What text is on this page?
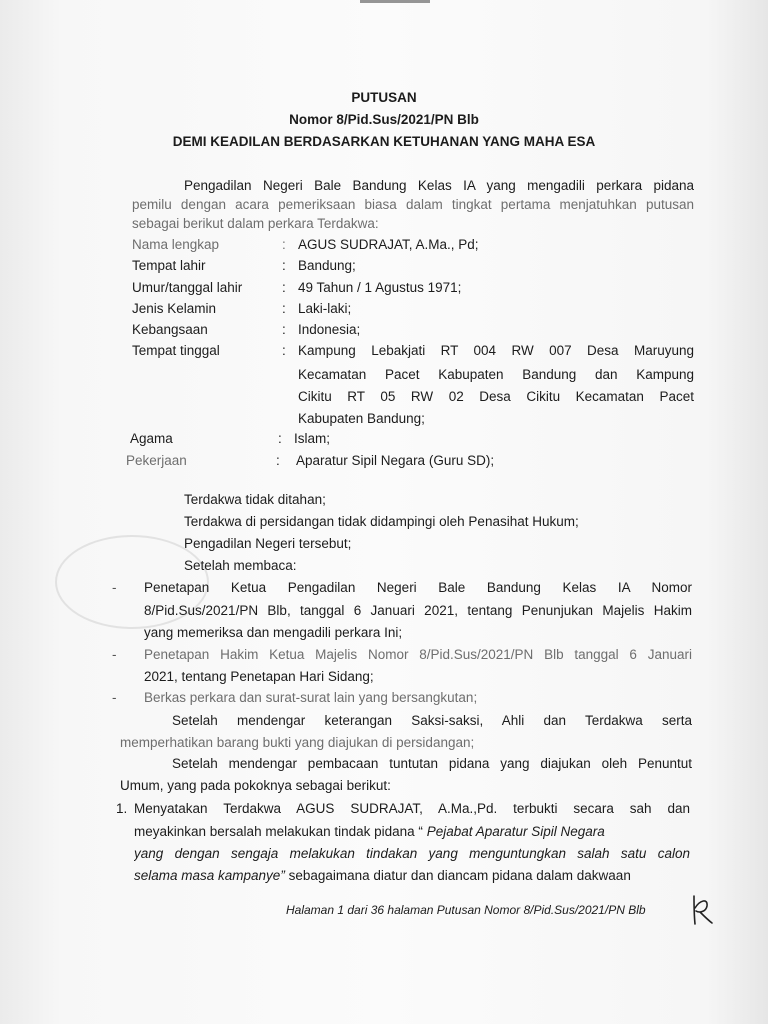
PUTUSAN
Nomor 8/Pid.Sus/2021/PN Blb
DEMI KEADILAN BERDASARKAN KETUHANAN YANG MAHA ESA
Pengadilan Negeri Bale Bandung Kelas IA yang mengadili perkara pidana
pemilu dengan acara pemeriksaan biasa dalam tingkat pertama menjatuhkan putusan
sebagai berikut dalam perkara Terdakwa:
Nama lengkap	: AGUS SUDRAJAT, A.Ma., Pd;
Tempat lahir	: Bandung;
Umur/tanggal lahir	: 49 Tahun / 1 Agustus 1971;
Jenis Kelamin	: Laki-laki;
Kebangsaan	: Indonesia;
Tempat tinggal	: Kampung Lebakjati RT 004 RW 007 Desa Maruyung
Kecamatan Pacet Kabupaten Bandung dan Kampung
Cikitu RT 05 RW 02 Desa Cikitu Kecamatan Pacet
Kabupaten Bandung;
Agama	: Islam;
Pekerjaan	: Aparatur Sipil Negara (Guru SD);
Terdakwa tidak ditahan;
Terdakwa di persidangan tidak didampingi oleh Penasihat Hukum;
Pengadilan Negeri tersebut;
Setelah membaca:
- Penetapan Ketua Pengadilan Negeri Bale Bandung Kelas IA Nomor
8/Pid.Sus/2021/PN Blb, tanggal 6 Januari 2021, tentang Penunjukan Majelis Hakim
yang memeriksa dan mengadili perkara Ini;
- Penetapan Hakim Ketua Majelis Nomor 8/Pid.Sus/2021/PN Blb tanggal 6 Januari
2021, tentang Penetapan Hari Sidang;
- Berkas perkara dan surat-surat lain yang bersangkutan;
Setelah mendengar keterangan Saksi-saksi, Ahli dan Terdakwa serta
memperhatikan barang bukti yang diajukan di persidangan;
Setelah mendengar pembacaan tuntutan pidana yang diajukan oleh Penuntut
Umum, yang pada pokoknya sebagai berikut:
1. Menyatakan Terdakwa AGUS SUDRAJAT, A.Ma.,Pd. terbukti secara sah dan
meyakinkan bersalah melakukan tindak pidana “ Pejabat Aparatur Sipil Negara
yang dengan sengaja melakukan tindakan yang menguntungkan salah satu calon
selama masa kampanye” sebagaimana diatur dan diancam pidana dalam dakwaan
Halaman 1 dari 36 halaman Putusan Nomor 8/Pid.Sus/2021/PN Blb
